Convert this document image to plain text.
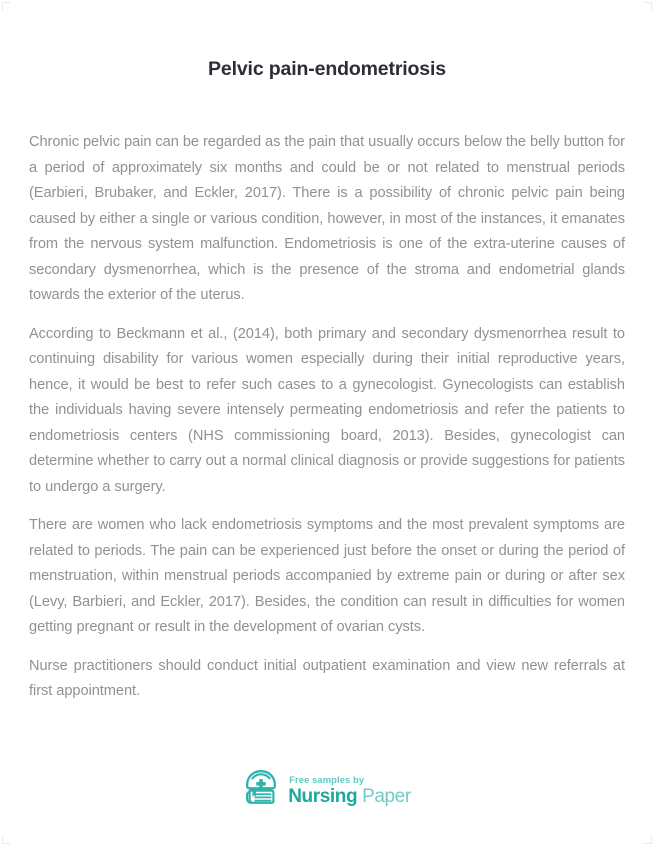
Pelvic pain-endometriosis

Chronic pelvic pain can be regarded as the pain that usually occurs below the belly button for a period of approximately six months and could be or not related to menstrual periods (Earbieri, Brubaker, and Eckler, 2017). There is a possibility of chronic pelvic pain being caused by either a single or various condition, however, in most of the instances, it emanates from the nervous system malfunction. Endometriosis is one of the extra-uterine causes of secondary dysmenorrhea, which is the presence of the stroma and endometrial glands towards the exterior of the uterus.

According to Beckmann et al., (2014), both primary and secondary dysmenorrhea result to continuing disability for various women especially during their initial reproductive years, hence, it would be best to refer such cases to a gynecologist. Gynecologists can establish the individuals having severe intensely permeating endometriosis and refer the patients to endometriosis centers (NHS commissioning board, 2013). Besides, gynecologist can determine whether to carry out a normal clinical diagnosis or provide suggestions for patients to undergo a surgery.

There are women who lack endometriosis symptoms and the most prevalent symptoms are related to periods. The pain can be experienced just before the onset or during the period of menstruation, within menstrual periods accompanied by extreme pain or during or after sex (Levy, Barbieri, and Eckler, 2017). Besides, the condition can result in difficulties for women getting pregnant or result in the development of ovarian cysts.

Nurse practitioners should conduct initial outpatient examination and view new referrals at first appointment.

Free samples by
Nursing Paper
